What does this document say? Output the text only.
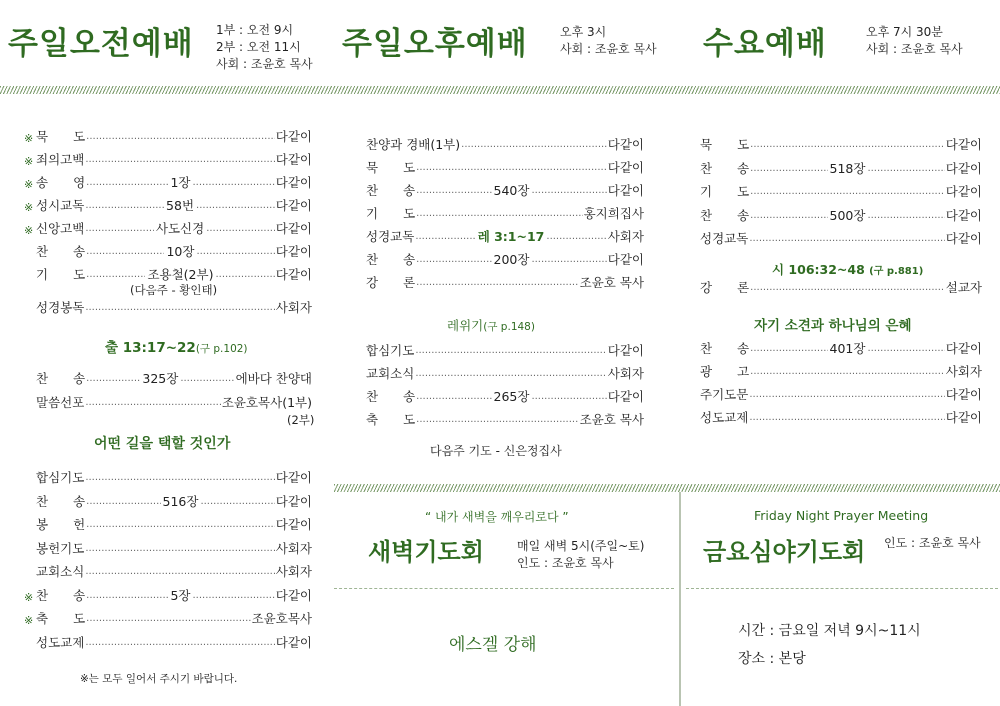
주일오전예배 1부 : 오전 9시
2부 : 오전 11시
사회 : 조윤호 목사
주일오후예배	오후 3시
사회 : 조윤호 목사 수요예배	오후 7시 30분
사회 : 조윤호 목사
※ 묵　　도 ·····	다같이
※ 죄의고백 ·····	다같이
※ 송　　영 ·····	1장 ·····	다같이
※ 성시교독 ·····	58번 ·····	다같이
※ 신앙고백 ·····	사도신경 ·····	다같이
찬　　송 ·····	10장 ·····	다같이
기　　도 ·····	조용철(2부) ·····	다같이
(다음주 - 황인태)
성경봉독 ·····	사회자
출 13:17~22(구 p.102)
찬　　송 ·····	325장 ·····	에바다 찬양대
말씀선포 ·····	조윤호목사(1부)
(2부)
어떤 길을 택할 것인가
합심기도 ·····	다같이
찬　　송 ·····	516장 ·····	다같이
봉　　헌 ·····	다같이
봉헌기도 ·····	사회자
교회소식 ·····	사회자
※ 찬　　송 ·····	5장 ·····	다같이
※ 축　　도 ·····	조윤호목사
성도교제 ·····	다같이
※는 모두 일어서 주시기 바랍니다.
찬양과 경배(1부) ·····	다같이
묵　　도 ·····	다같이
찬　　송 ·····	540장 ·····	다같이
기　　도 ·····	홍지희집사
성경교독 ·····	레 3:1~17 ·····	사회자
찬　　송 ·····	200장 ·····	다같이
강　　론 ·····	조윤호 목사
레위기(구 p.148)
합심기도 ·····	다같이
교회소식 ·····	사회자
찬　　송 ·····	265장 ·····	다같이
축　　도 ·····	조윤호 목사
다음주 기도 - 신은정집사
묵　　도 ·····	다같이
찬　　송 ·····	518장 ·····	다같이
기　　도 ·····	다같이
찬　　송 ·····	500장 ·····	다같이
성경교독 ·····	다같이
시 106:32~48 (구 p.881)
강　　론 ·····	설교자
자기 소견과 하나님의 은혜
찬　　송 ·····	401장 ·····	다같이
광　　고 ·····	사회자
주기도문 ·····	다같이
성도교제 ·····	다같이
“ 내가 새벽을 깨우리로다 ”
새벽기도회	매일 새벽 5시(주일~토)
인도 : 조윤호 목사
에스겔 강해
Friday Night Prayer Meeting
금요심야기도회 인도 : 조윤호 목사
시간 : 금요일 저녁 9시~11시
장소 : 본당
